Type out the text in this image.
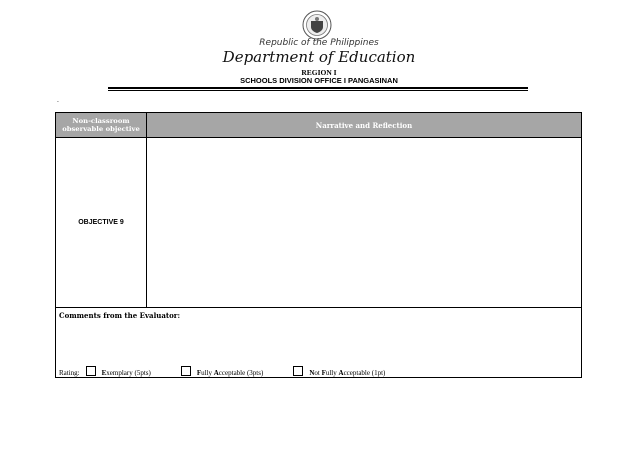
Republic of the Philippines
Department of Education
REGION I
SCHOOLS DIVISION OFFICE I PANGASINAN
.
Non-classroom observable objective	Narrative and Reflection
OBJECTIVE 9
Comments from the Evaluator:
Rating:	Exemplary (5pts)	Fully Acceptable (3pts)	Not Fully Acceptable (1pt)
